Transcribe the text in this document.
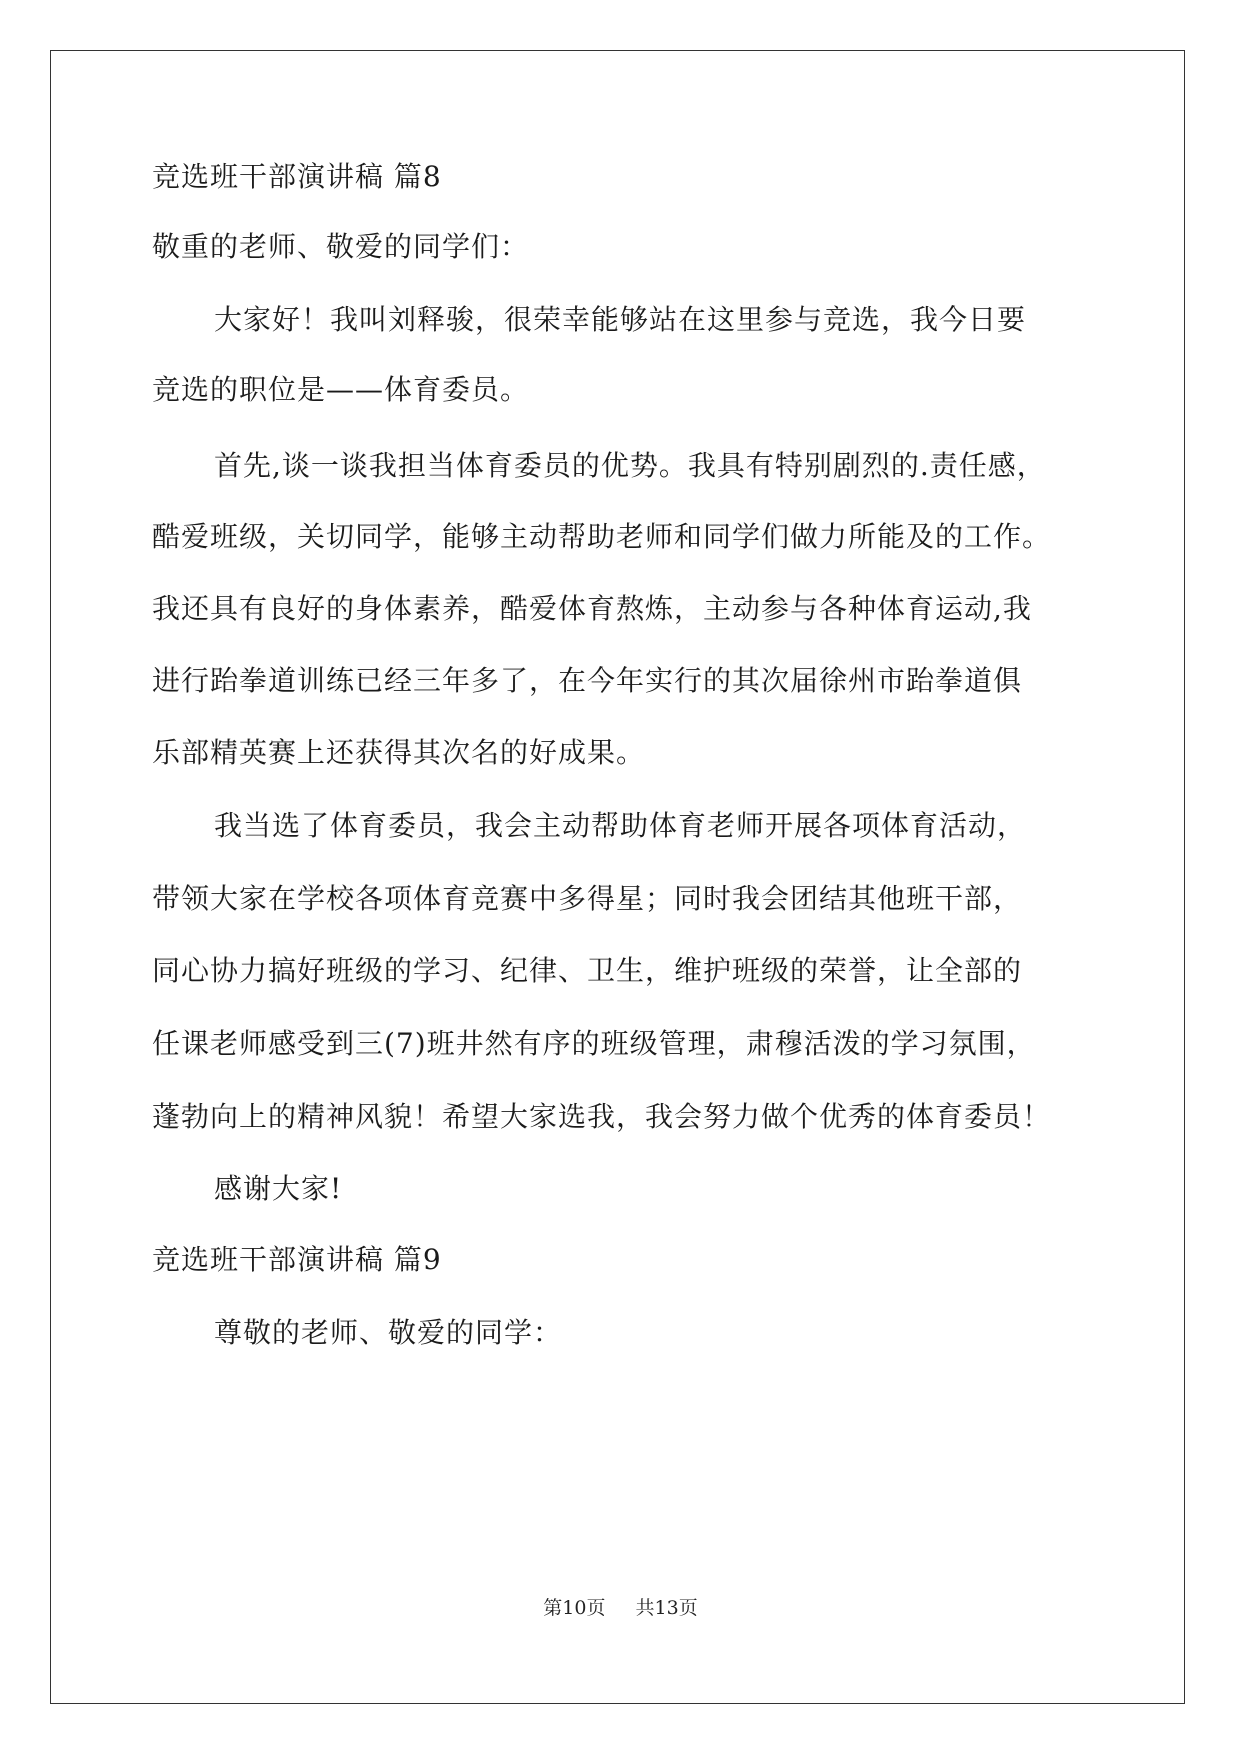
竞选班干部演讲稿 篇8
敬重的老师、敬爱的同学们：
大家好！我叫刘释骏，很荣幸能够站在这里参与竞选，我今日要
竞选的职位是——体育委员。
首先,谈一谈我担当体育委员的优势。我具有特别剧烈的.责任感，
酷爱班级，关切同学，能够主动帮助老师和同学们做力所能及的工作。
我还具有良好的身体素养，酷爱体育熬炼，主动参与各种体育运动,我
进行跆拳道训练已经三年多了，在今年实行的其次届徐州市跆拳道俱
乐部精英赛上还获得其次名的好成果。
我当选了体育委员，我会主动帮助体育老师开展各项体育活动，
带领大家在学校各项体育竞赛中多得星；同时我会团结其他班干部，
同心协力搞好班级的学习、纪律、卫生，维护班级的荣誉，让全部的
任课老师感受到三(7)班井然有序的班级管理，肃穆活泼的学习氛围，
蓬勃向上的精神风貌！希望大家选我，我会努力做个优秀的体育委员！
感谢大家!
竞选班干部演讲稿 篇9
尊敬的老师、敬爱的同学：
第10页 共13页
